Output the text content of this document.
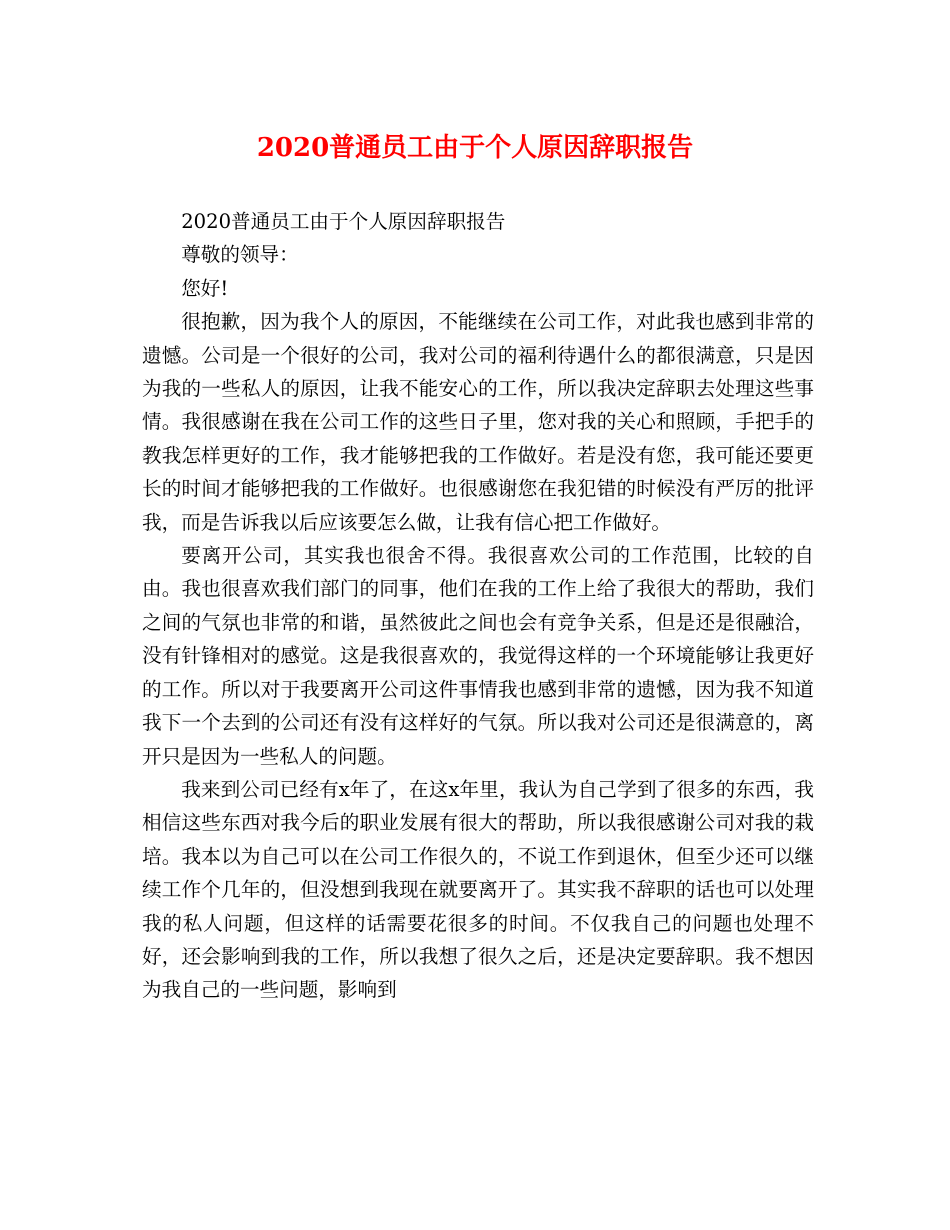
2020普通员工由于个人原因辞职报告

2020普通员工由于个人原因辞职报告

尊敬的领导：

您好!

很抱歉，因为我个人的原因，不能继续在公司工作，对此我也感到非常的遗憾。公司是一个很好的公司，我对公司的福利待遇什么的都很满意，只是因为我的一些私人的原因，让我不能安心的工作，所以我决定辞职去处理这些事情。我很感谢在我在公司工作的这些日子里，您对我的关心和照顾，手把手的教我怎样更好的工作，我才能够把我的工作做好。若是没有您，我可能还要更长的时间才能够把我的工作做好。也很感谢您在我犯错的时候没有严厉的批评我，而是告诉我以后应该要怎么做，让我有信心把工作做好。

要离开公司，其实我也很舍不得。我很喜欢公司的工作范围，比较的自由。我也很喜欢我们部门的同事，他们在我的工作上给了我很大的帮助，我们之间的气氛也非常的和谐，虽然彼此之间也会有竞争关系，但是还是很融洽，没有针锋相对的感觉。这是我很喜欢的，我觉得这样的一个环境能够让我更好的工作。所以对于我要离开公司这件事情我也感到非常的遗憾，因为我不知道我下一个去到的公司还有没有这样好的气氛。所以我对公司还是很满意的，离开只是因为一些私人的问题。

我来到公司已经有x年了，在这x年里，我认为自己学到了很多的东西，我相信这些东西对我今后的职业发展有很大的帮助，所以我很感谢公司对我的栽培。我本以为自己可以在公司工作很久的，不说工作到退休，但至少还可以继续工作个几年的，但没想到我现在就要离开了。其实我不辞职的话也可以处理我的私人问题，但这样的话需要花很多的时间。不仅我自己的问题也处理不好，还会影响到我的工作，所以我想了很久之后，还是决定要辞职。我不想因为我自己的一些问题，影响到
